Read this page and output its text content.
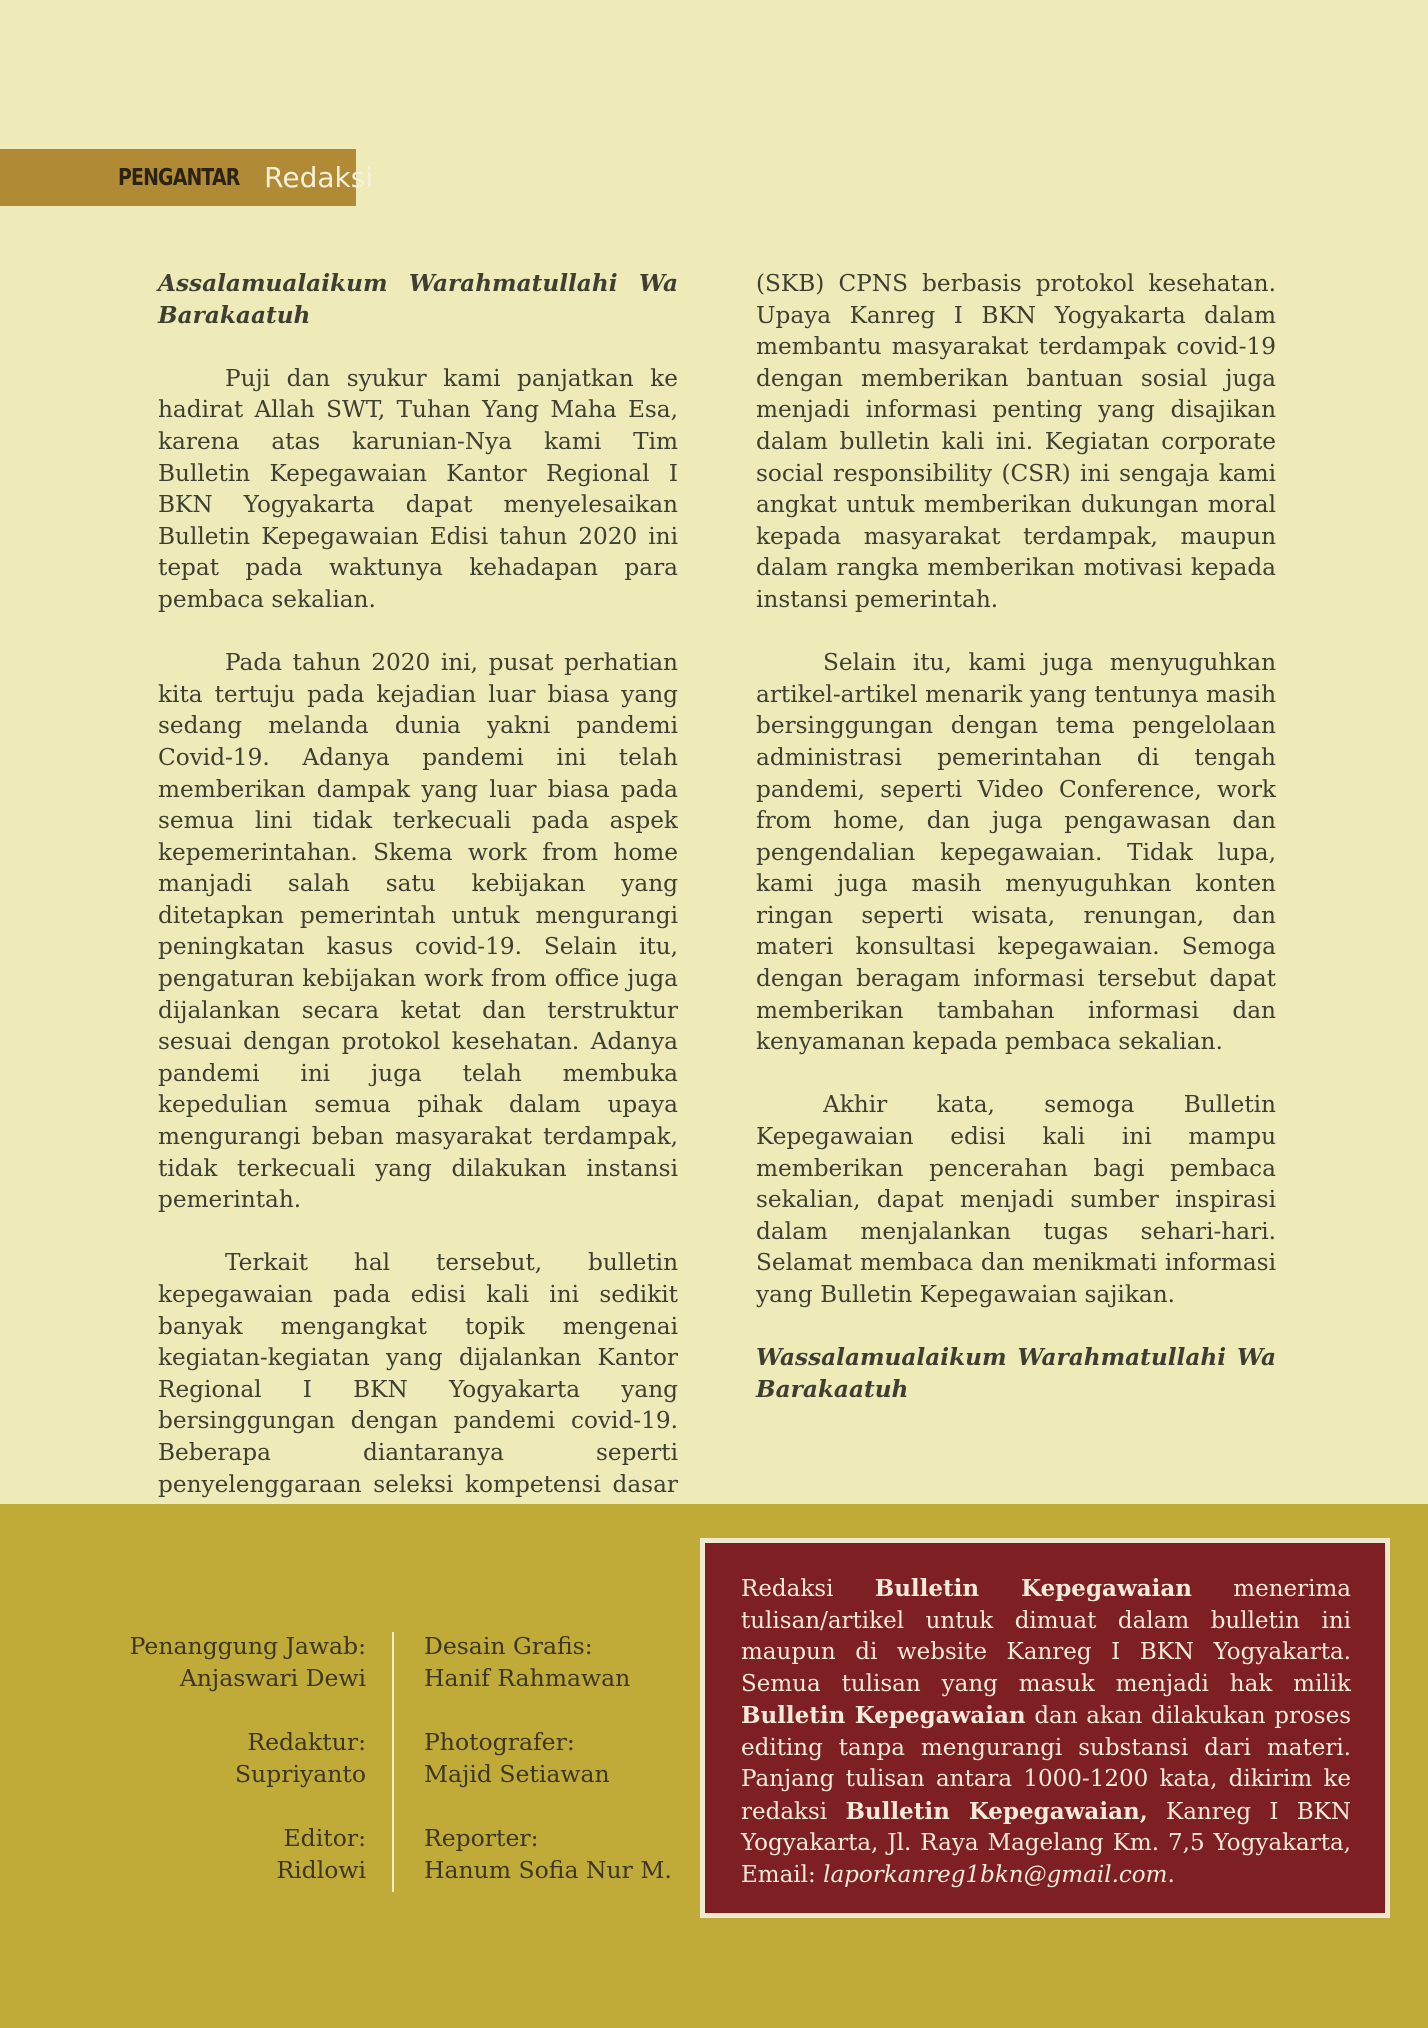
PENGANTAR Redaksi

Assalamualaikum Warahmatullahi Wa Barakaatuh

Puji dan syukur kami panjatkan ke hadirat Allah SWT, Tuhan Yang Maha Esa, karena atas karunian-Nya kami Tim Bulletin Kepegawaian Kantor Regional I BKN Yogyakarta dapat menyelesaikan Bulletin Kepegawaian Edisi tahun 2020 ini tepat pada waktunya kehadapan para pembaca sekalian.

Pada tahun 2020 ini, pusat perhatian kita tertuju pada kejadian luar biasa yang sedang melanda dunia yakni pandemi Covid-19. Adanya pandemi ini telah memberikan dampak yang luar biasa pada semua lini tidak terkecuali pada aspek kepemerintahan. Skema work from home manjadi salah satu kebijakan yang ditetapkan pemerintah untuk mengurangi peningkatan kasus covid-19. Selain itu, pengaturan kebijakan work from office juga dijalankan secara ketat dan terstruktur sesuai dengan protokol kesehatan. Adanya pandemi ini juga telah membuka kepedulian semua pihak dalam upaya mengurangi beban masyarakat terdampak, tidak terkecuali yang dilakukan instansi pemerintah.

Terkait hal tersebut, bulletin kepegawaian pada edisi kali ini sedikit banyak mengangkat topik mengenai kegiatan-kegiatan yang dijalankan Kantor Regional I BKN Yogyakarta yang bersinggungan dengan pandemi covid-19. Beberapa diantaranya seperti penyelenggaraan seleksi kompetensi dasar

(SKB) CPNS berbasis protokol kesehatan. Upaya Kanreg I BKN Yogyakarta dalam membantu masyarakat terdampak covid-19 dengan memberikan bantuan sosial juga menjadi informasi penting yang disajikan dalam bulletin kali ini. Kegiatan corporate social responsibility (CSR) ini sengaja kami angkat untuk memberikan dukungan moral kepada masyarakat terdampak, maupun dalam rangka memberikan motivasi kepada instansi pemerintah.

Selain itu, kami juga menyuguhkan artikel-artikel menarik yang tentunya masih bersinggungan dengan tema pengelolaan administrasi pemerintahan di tengah pandemi, seperti Video Conference, work from home, dan juga pengawasan dan pengendalian kepegawaian. Tidak lupa, kami juga masih menyuguhkan konten ringan seperti wisata, renungan, dan materi konsultasi kepegawaian. Semoga dengan beragam informasi tersebut dapat memberikan tambahan informasi dan kenyamanan kepada pembaca sekalian.

Akhir kata, semoga Bulletin Kepegawaian edisi kali ini mampu memberikan pencerahan bagi pembaca sekalian, dapat menjadi sumber inspirasi dalam menjalankan tugas sehari-hari. Selamat membaca dan menikmati informasi yang Bulletin Kepegawaian sajikan.

Wassalamualaikum Warahmatullahi Wa Barakaatuh

Penanggung Jawab:
Anjaswari Dewi
Redaktur:
Supriyanto
Editor:
Ridlowi
Desain Grafis:
Hanif Rahmawan
Photografer:
Majid Setiawan
Reporter:
Hanum Sofia Nur M.
Redaksi Bulletin Kepegawaian menerima tulisan/artikel untuk dimuat dalam bulletin ini maupun di website Kanreg I BKN Yogyakarta. Semua tulisan yang masuk menjadi hak milik Bulletin Kepegawaian dan akan dilakukan proses editing tanpa mengurangi substansi dari materi. Panjang tulisan antara 1000-1200 kata, dikirim ke redaksi Bulletin Kepegawaian, Kanreg I BKN Yogyakarta, Jl. Raya Magelang Km. 7,5 Yogyakarta, Email: laporkanreg1bkn@gmail.com.
